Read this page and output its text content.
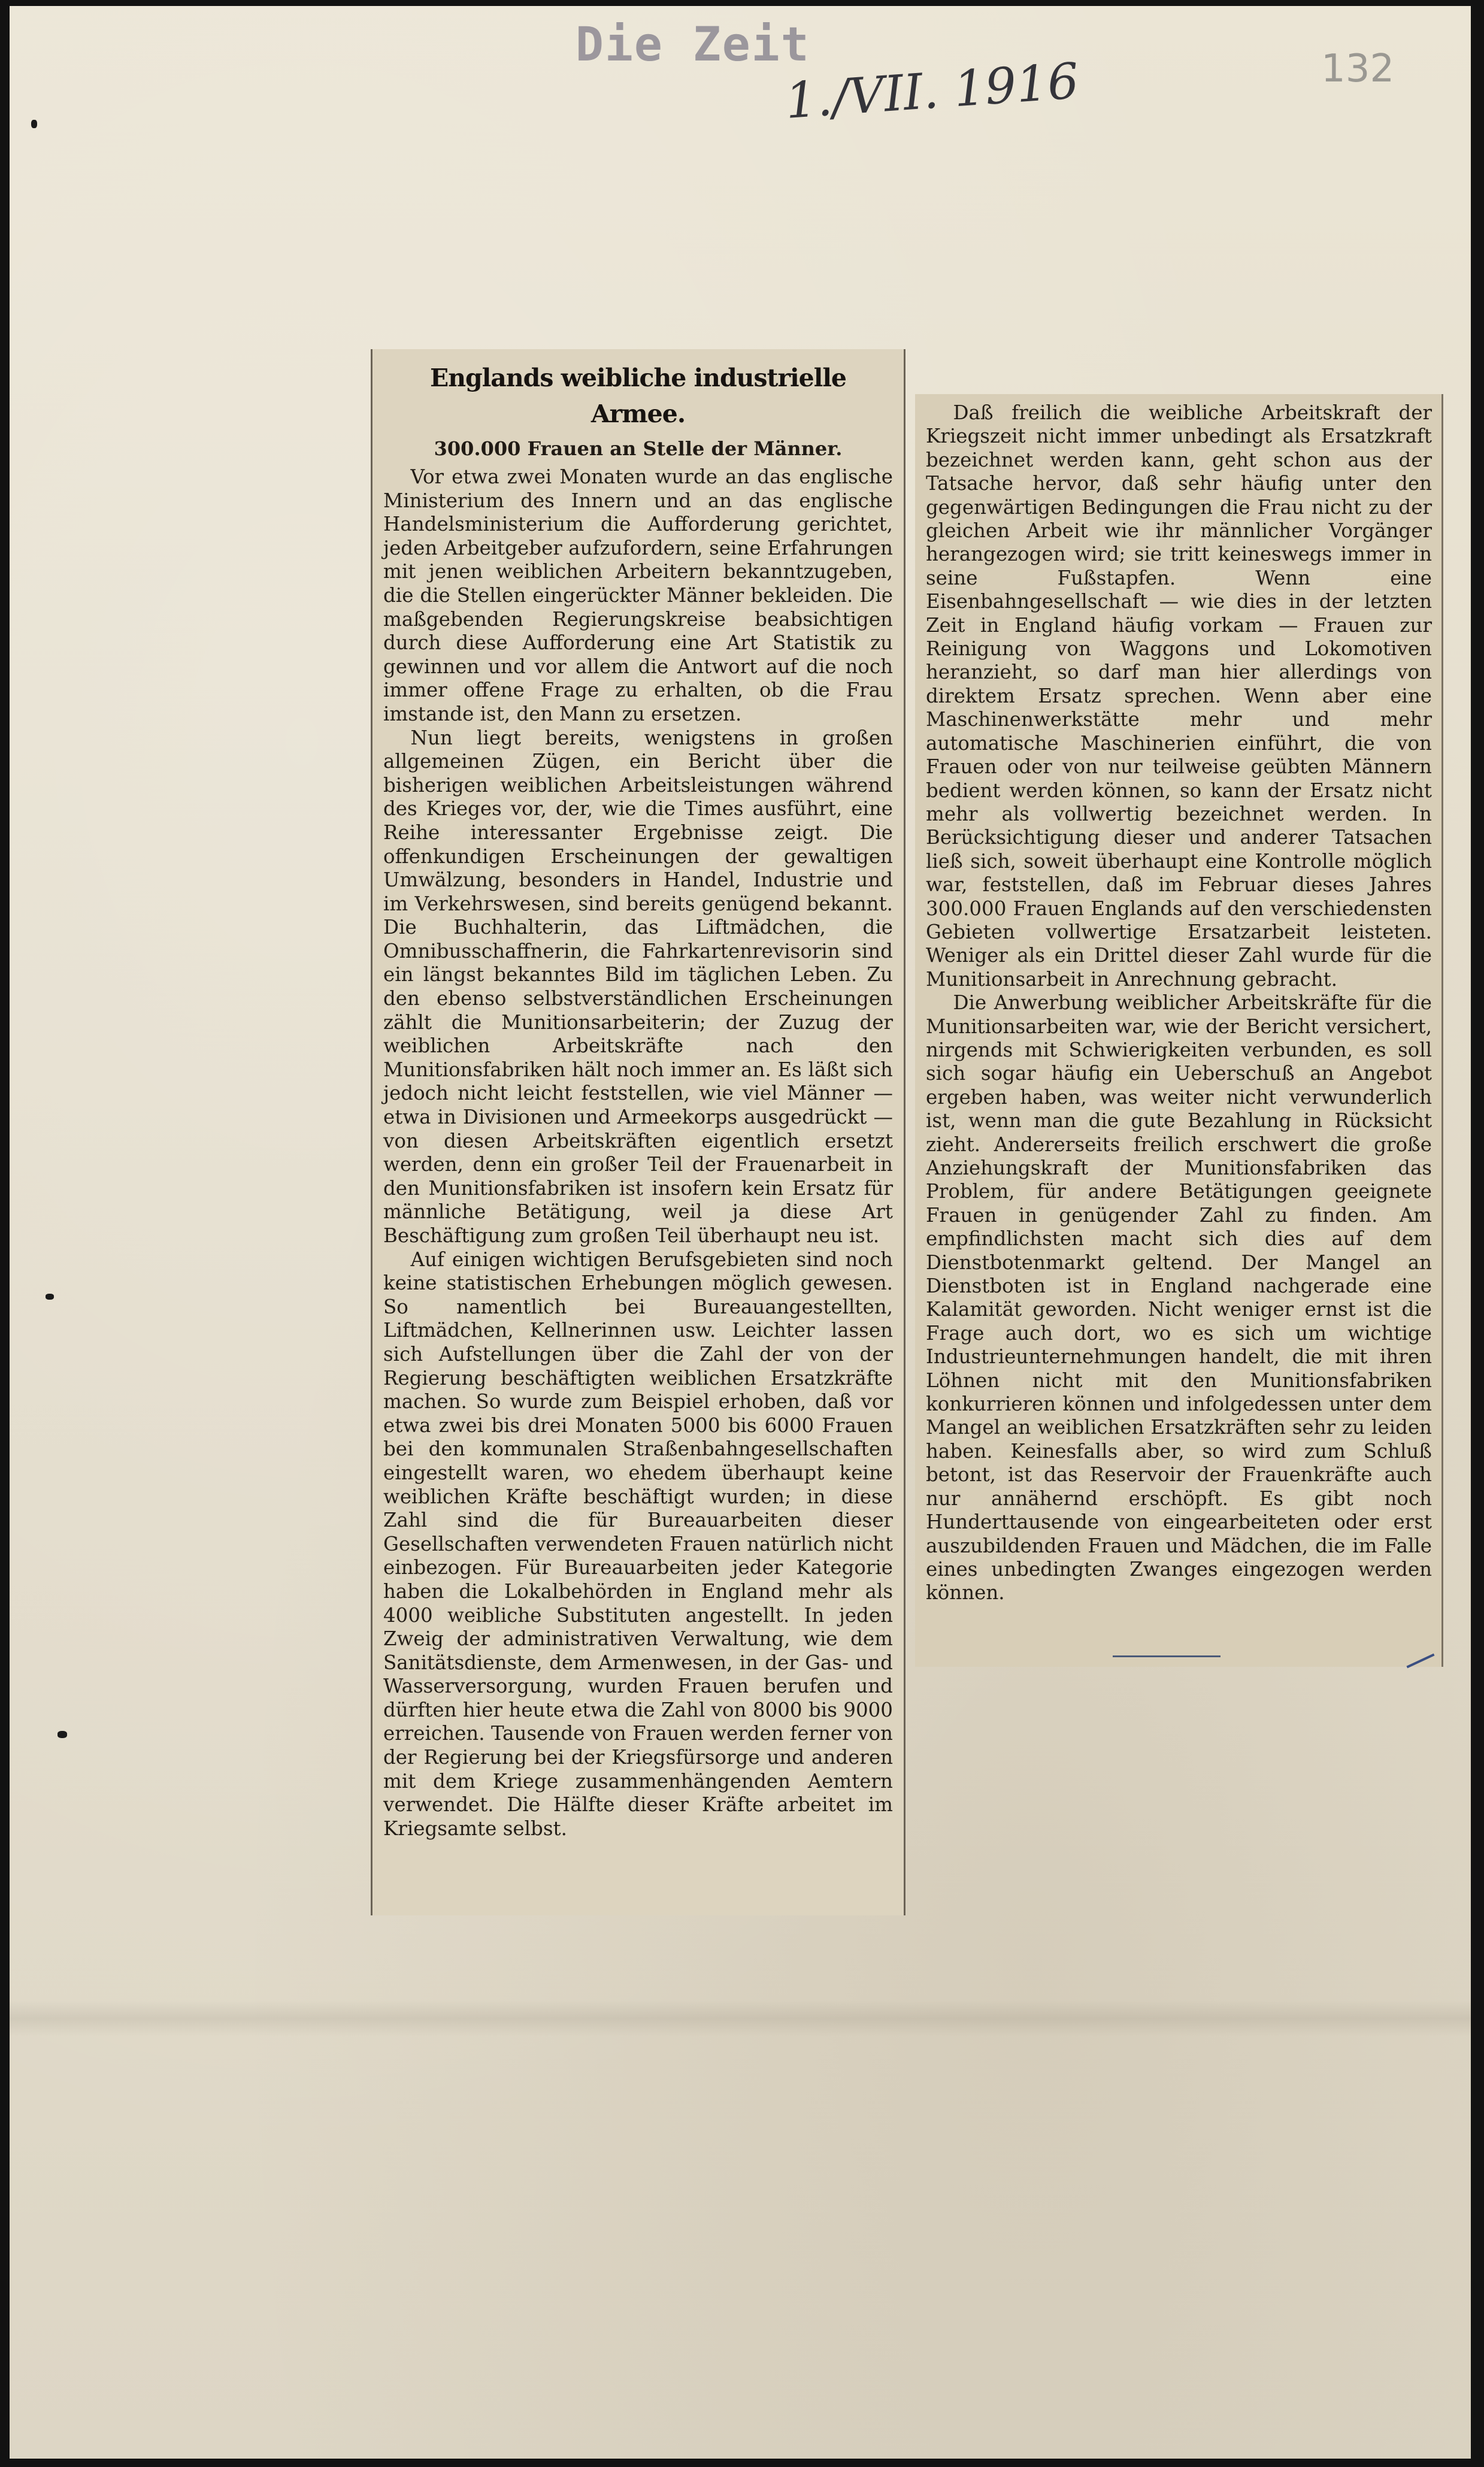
Die Zeit
1./VII. 1916	132
Englands weibliche industrielle Armee.
300.000 Frauen an Stelle der Männer.

Vor etwa zwei Monaten wurde an das englische Ministerium des Innern und an das englische Handelsministerium die Aufforderung gerichtet, jeden Arbeitgeber aufzufordern, seine Erfahrungen mit jenen weiblichen Arbeitern bekanntzugeben, die die Stellen eingerückter Männer bekleiden. Die maßgebenden Regierungskreise beabsichtigen durch diese Aufforderung eine Art Statistik zu gewinnen und vor allem die Antwort auf die noch immer offene Frage zu erhalten, ob die Frau imstande ist, den Mann zu ersetzen.

Nun liegt bereits, wenigstens in großen allgemeinen Zügen, ein Bericht über die bisherigen weiblichen Arbeitsleistungen während des Krieges vor, der, wie die Times ausführt, eine Reihe interessanter Ergebnisse zeigt. Die offenkundigen Erscheinungen der gewaltigen Umwälzung, besonders in Handel, Industrie und im Verkehrswesen, sind bereits genügend bekannt. Die Buchhalterin, das Liftmädchen, die Omnibusschaffnerin, die Fahrkartenrevisorin sind ein längst bekanntes Bild im täglichen Leben. Zu den ebenso selbstverständlichen Erscheinungen zählt die Munitionsarbeiterin; der Zuzug der weiblichen Arbeitskräfte nach den Munitionsfabriken hält noch immer an. Es läßt sich jedoch nicht leicht feststellen, wie viel Männer — etwa in Divisionen und Armeekorps ausgedrückt — von diesen Arbeitskräften eigentlich ersetzt werden, denn ein großer Teil der Frauenarbeit in den Munitionsfabriken ist insofern kein Ersatz für männliche Betätigung, weil ja diese Art Beschäftigung zum großen Teil überhaupt neu ist.

Auf einigen wichtigen Berufsgebieten sind noch keine statistischen Erhebungen möglich gewesen. So namentlich bei Bureauangestellten, Liftmädchen, Kellnerinnen usw. Leichter lassen sich Aufstellungen über die Zahl der von der Regierung beschäftigten weiblichen Ersatzkräfte machen. So wurde zum Beispiel erhoben, daß vor etwa zwei bis drei Monaten 5000 bis 6000 Frauen bei den kommunalen Straßenbahngesellschaften eingestellt waren, wo ehedem überhaupt keine weiblichen Kräfte beschäftigt wurden; in diese Zahl sind die für Bureauarbeiten dieser Gesellschaften verwendeten Frauen natürlich nicht einbezogen. Für Bureauarbeiten jeder Kategorie haben die Lokalbehörden in England mehr als 4000 weibliche Substituten angestellt. In jeden Zweig der administrativen Verwaltung, wie dem Sanitätsdienste, dem Armenwesen, in der Gas- und Wasserversorgung, wurden Frauen berufen und dürften hier heute etwa die Zahl von 8000 bis 9000 erreichen. Tausende von Frauen werden ferner von der Regierung bei der Kriegsfürsorge und anderen mit dem Kriege zusammenhängenden Aemtern verwendet. Die Hälfte dieser Kräfte arbeitet im Kriegsamte selbst.

Daß freilich die weibliche Arbeitskraft der Kriegszeit nicht immer unbedingt als Ersatzkraft bezeichnet werden kann, geht schon aus der Tatsache hervor, daß sehr häufig unter den gegenwärtigen Bedingungen die Frau nicht zu der gleichen Arbeit wie ihr männlicher Vorgänger herangezogen wird; sie tritt keineswegs immer in seine Fußstapfen. Wenn eine Eisenbahngesellschaft — wie dies in der letzten Zeit in England häufig vorkam — Frauen zur Reinigung von Waggons und Lokomotiven heranzieht, so darf man hier allerdings von direktem Ersatz sprechen. Wenn aber eine Maschinenwerkstätte mehr und mehr automatische Maschinerien einführt, die von Frauen oder von nur teilweise geübten Männern bedient werden können, so kann der Ersatz nicht mehr als vollwertig bezeichnet werden. In Berücksichtigung dieser und anderer Tatsachen ließ sich, soweit überhaupt eine Kontrolle möglich war, feststellen, daß im Februar dieses Jahres 300.000 Frauen Englands auf den verschiedensten Gebieten vollwertige Ersatzarbeit leisteten. Weniger als ein Drittel dieser Zahl wurde für die Munitionsarbeit in Anrechnung gebracht.

Die Anwerbung weiblicher Arbeitskräfte für die Munitionsarbeiten war, wie der Bericht versichert, nirgends mit Schwierigkeiten verbunden, es soll sich sogar häufig ein Ueberschuß an Angebot ergeben haben, was weiter nicht verwunderlich ist, wenn man die gute Bezahlung in Rücksicht zieht. Andererseits freilich erschwert die große Anziehungskraft der Munitionsfabriken das Problem, für andere Betätigungen geeignete Frauen in genügender Zahl zu finden. Am empfindlichsten macht sich dies auf dem Dienstbotenmarkt geltend. Der Mangel an Dienstboten ist in England nachgerade eine Kalamität geworden. Nicht weniger ernst ist die Frage auch dort, wo es sich um wichtige Industrieunternehmungen handelt, die mit ihren Löhnen nicht mit den Munitionsfabriken konkurrieren können und infolgedessen unter dem Mangel an weiblichen Ersatzkräften sehr zu leiden haben. Keinesfalls aber, so wird zum Schluß betont, ist das Reservoir der Frauenkräfte auch nur annähernd erschöpft. Es gibt noch Hunderttausende von eingearbeiteten oder erst auszubildenden Frauen und Mädchen, die im Falle eines unbedingten Zwanges eingezogen werden können.
